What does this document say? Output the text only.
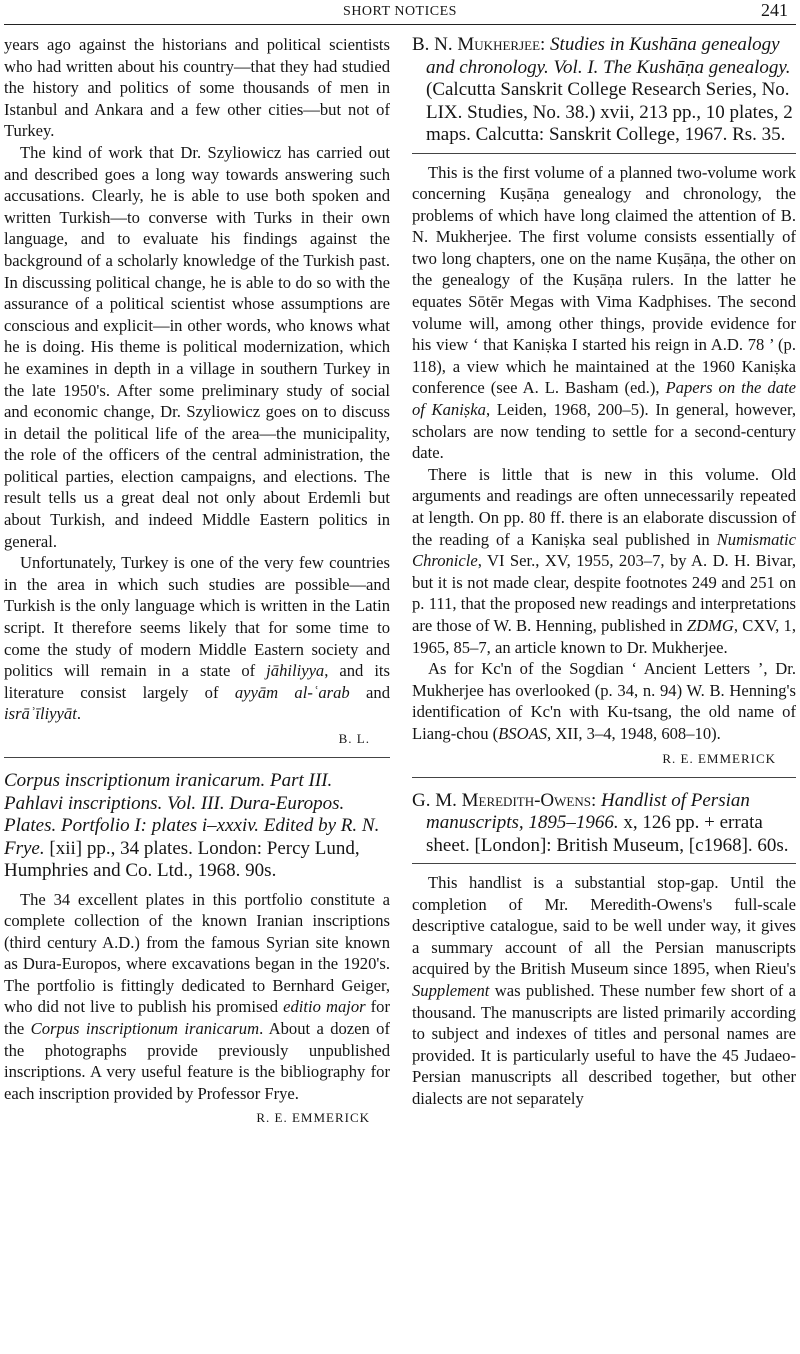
SHORT NOTICES	241

years ago against the historians and political scientists who had written about his country—that they had studied the history and politics of some thousands of men in Istanbul and Ankara and a few other cities—but not of Turkey.

The kind of work that Dr. Szyliowicz has carried out and described goes a long way towards answering such accusations. Clearly, he is able to use both spoken and written Turkish—to converse with Turks in their own language, and to evaluate his findings against the background of a scholarly knowledge of the Turkish past. In discussing political change, he is able to do so with the assurance of a political scientist whose assumptions are conscious and explicit—in other words, who knows what he is doing. His theme is political modernization, which he examines in depth in a village in southern Turkey in the late 1950's. After some preliminary study of social and economic change, Dr. Szyliowicz goes on to discuss in detail the political life of the area—the municipality, the role of the officers of the central administration, the political parties, election campaigns, and elections. The result tells us a great deal not only about Erdemli but about Turkish, and indeed Middle Eastern politics in general.

Unfortunately, Turkey is one of the very few countries in the area in which such studies are possible—and Turkish is the only language which is written in the Latin script. It therefore seems likely that for some time to come the study of modern Middle Eastern society and politics will remain in a state of jāhiliyya, and its literature consist largely of ayyām al-ʿarab and isrāʾīliyyāt.

B. L.
Corpus inscriptionum iranicarum. Part III. Pahlavi inscriptions. Vol. III. Dura-Europos. Plates. Portfolio I: plates i–xxxiv. Edited by R. N. Frye. [xii] pp., 34 plates. London: Percy Lund, Humphries and Co. Ltd., 1968. 90s.

The 34 excellent plates in this portfolio constitute a complete collection of the known Iranian inscriptions (third century A.D.) from the famous Syrian site known as Dura-Europos, where excavations began in the 1920's. The portfolio is fittingly dedicated to Bernhard Geiger, who did not live to publish his promised editio major for the Corpus inscriptionum iranicarum. About a dozen of the photographs provide previously unpublished inscriptions. A very useful feature is the bibliography for each inscription provided by Professor Frye.

R. E. EMMERICK
B. N. Mukherjee: Studies in Kushāna genealogy and chronology. Vol. I. The Kushāṇa genealogy. (Calcutta Sanskrit College Research Series, No. LIX. Studies, No. 38.) xvii, 213 pp., 10 plates, 2 maps. Calcutta: Sanskrit College, 1967. Rs. 35.

This is the first volume of a planned two-volume work concerning Kuṣāṇa genealogy and chronology, the problems of which have long claimed the attention of B. N. Mukherjee. The first volume consists essentially of two long chapters, one on the name Kuṣāṇa, the other on the genealogy of the Kuṣāṇa rulers. In the latter he equates Sōtēr Megas with Vima Kadphises. The second volume will, among other things, provide evidence for his view ‘ that Kaniṣka I started his reign in A.D. 78 ’ (p. 118), a view which he maintained at the 1960 Kaniṣka conference (see A. L. Basham (ed.), Papers on the date of Kaniṣka, Leiden, 1968, 200–5). In general, however, scholars are now tending to settle for a second-century date.

There is little that is new in this volume. Old arguments and readings are often unnecessarily repeated at length. On pp. 80 ff. there is an elaborate discussion of the reading of a Kaniṣka seal published in Numismatic Chronicle, VI Ser., XV, 1955, 203–7, by A. D. H. Bivar, but it is not made clear, despite footnotes 249 and 251 on p. 111, that the proposed new readings and interpretations are those of W. B. Henning, published in ZDMG, CXV, 1, 1965, 85–7, an article known to Dr. Mukherjee.

As for Kc'n of the Sogdian ‘ Ancient Letters ’, Dr. Mukherjee has overlooked (p. 34, n. 94) W. B. Henning's identification of Kc'n with Ku-tsang, the old name of Liang-chou (BSOAS, XII, 3–4, 1948, 608–10).

R. E. EMMERICK
G. M. Meredith-Owens: Handlist of Persian manuscripts, 1895–1966. x, 126 pp. + errata sheet. [London]: British Museum, [c1968]. 60s.

This handlist is a substantial stop-gap. Until the completion of Mr. Meredith-Owens's full-scale descriptive catalogue, said to be well under way, it gives a summary account of all the Persian manuscripts acquired by the British Museum since 1895, when Rieu's Supplement was published. These number few short of a thousand. The manuscripts are listed primarily according to subject and indexes of titles and personal names are provided. It is particularly useful to have the 45 Judaeo-Persian manuscripts all described together, but other dialects are not separately
